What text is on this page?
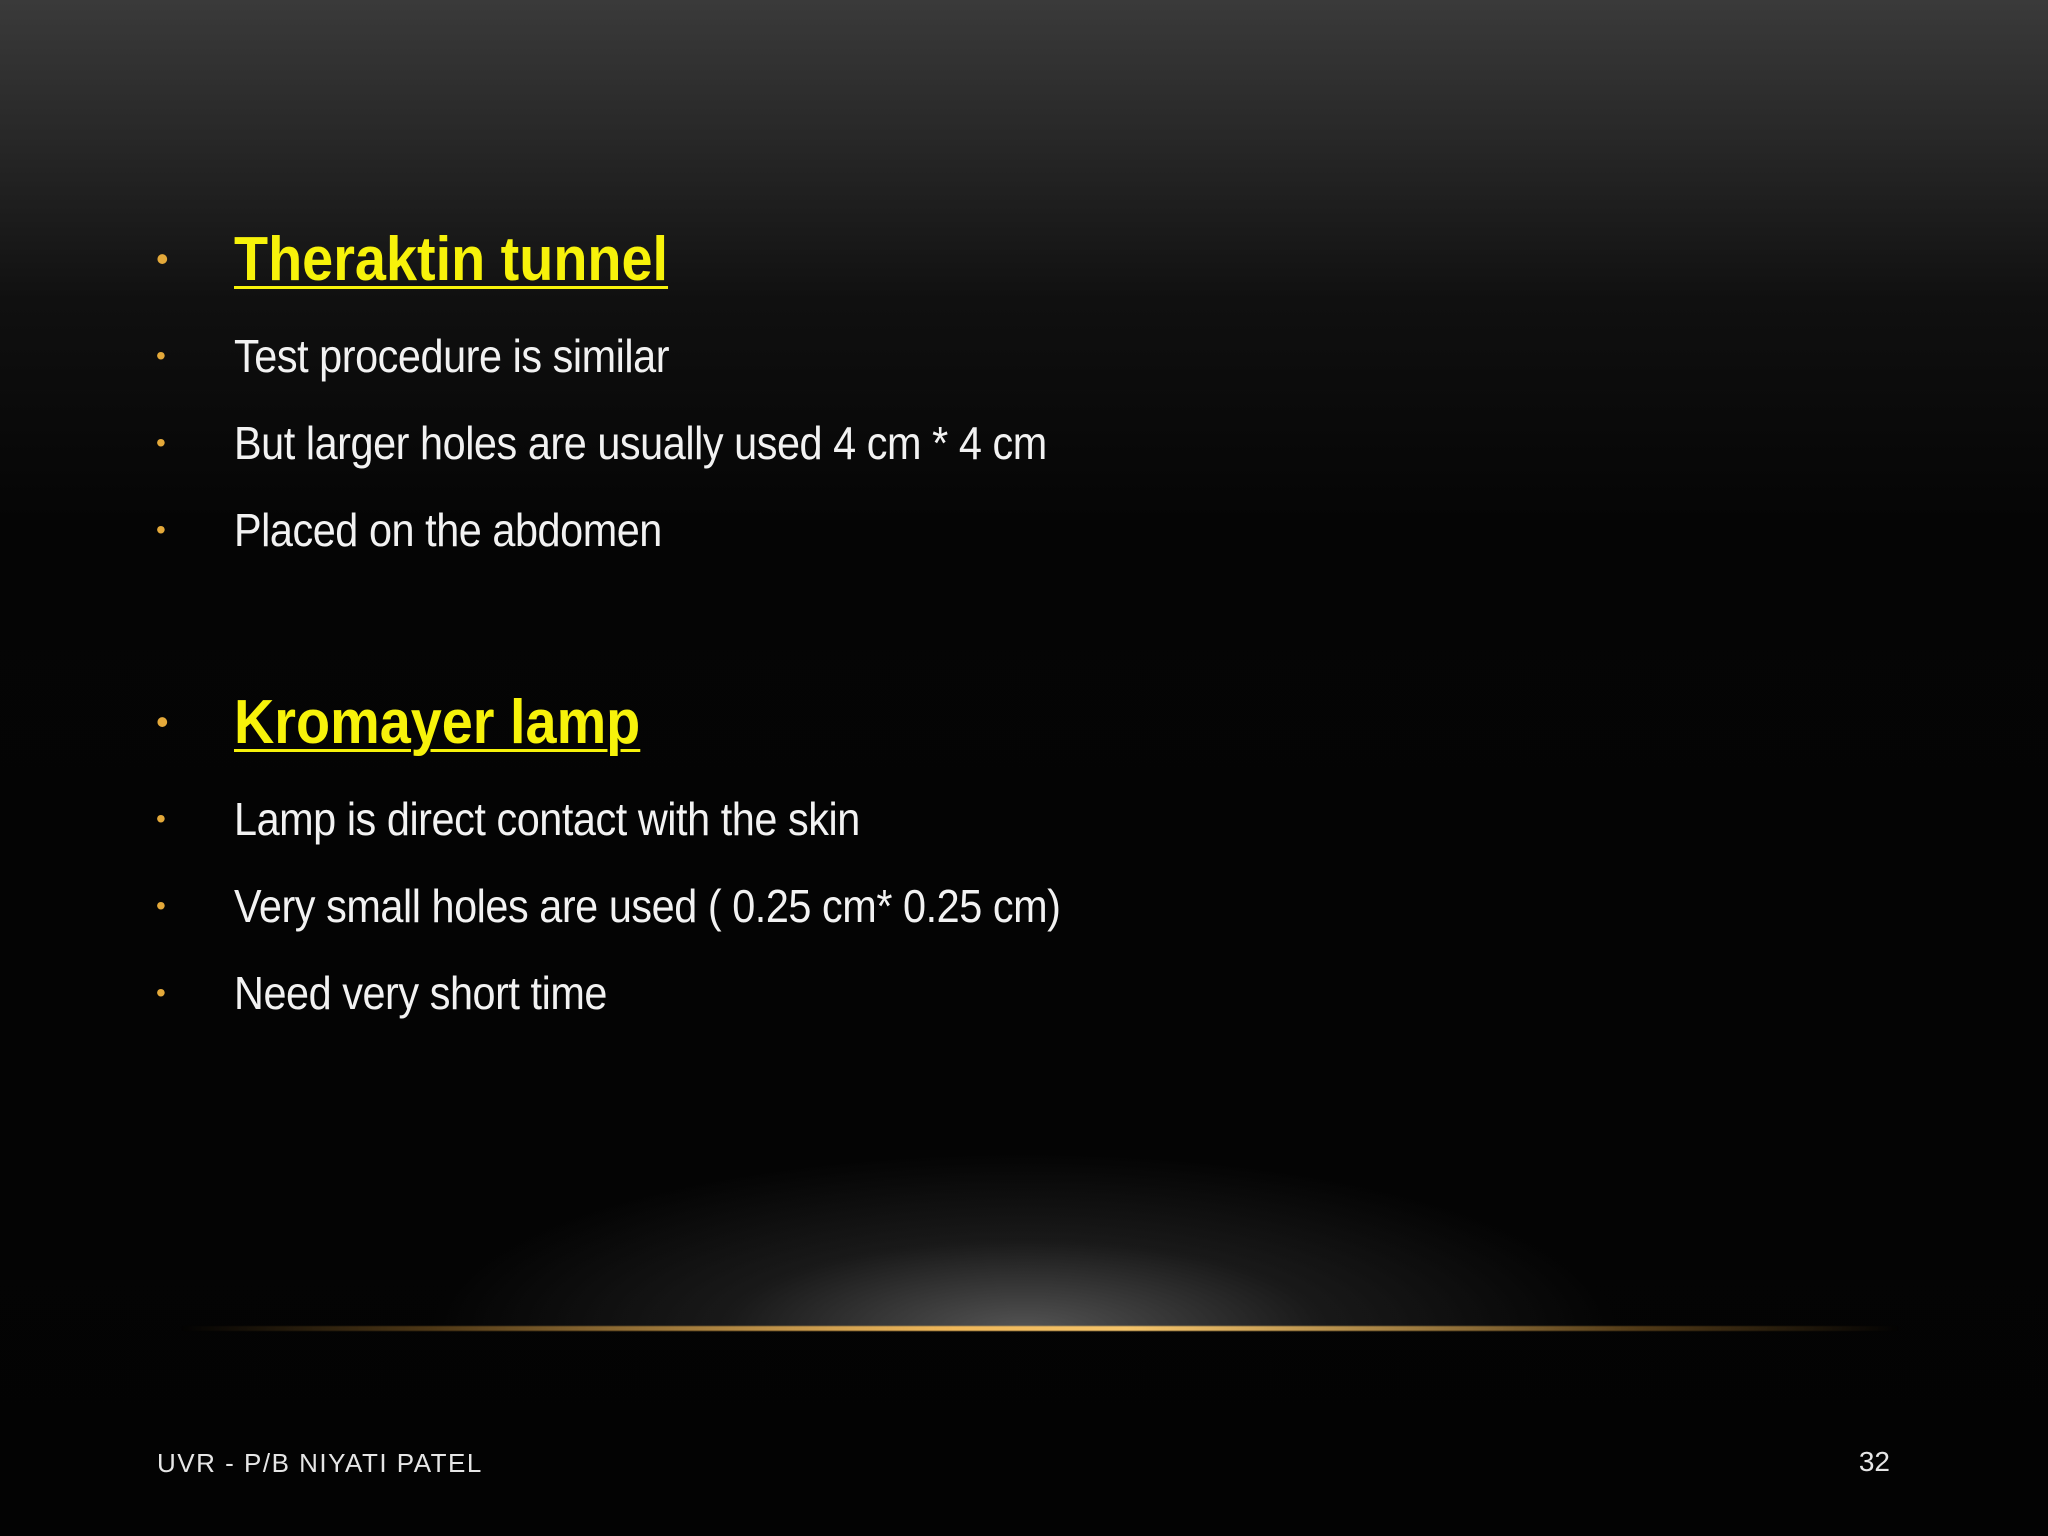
•	Theraktin tunnel
•	Test procedure is similar
•	But larger holes are usually used 4 cm * 4 cm
•	Placed on the abdomen
•	Kromayer lamp
•	Lamp is direct contact with the skin
•	Very small holes are used ( 0.25 cm* 0.25 cm)
•	Need very short time
UVR - P/B NIYATI PATEL	32
